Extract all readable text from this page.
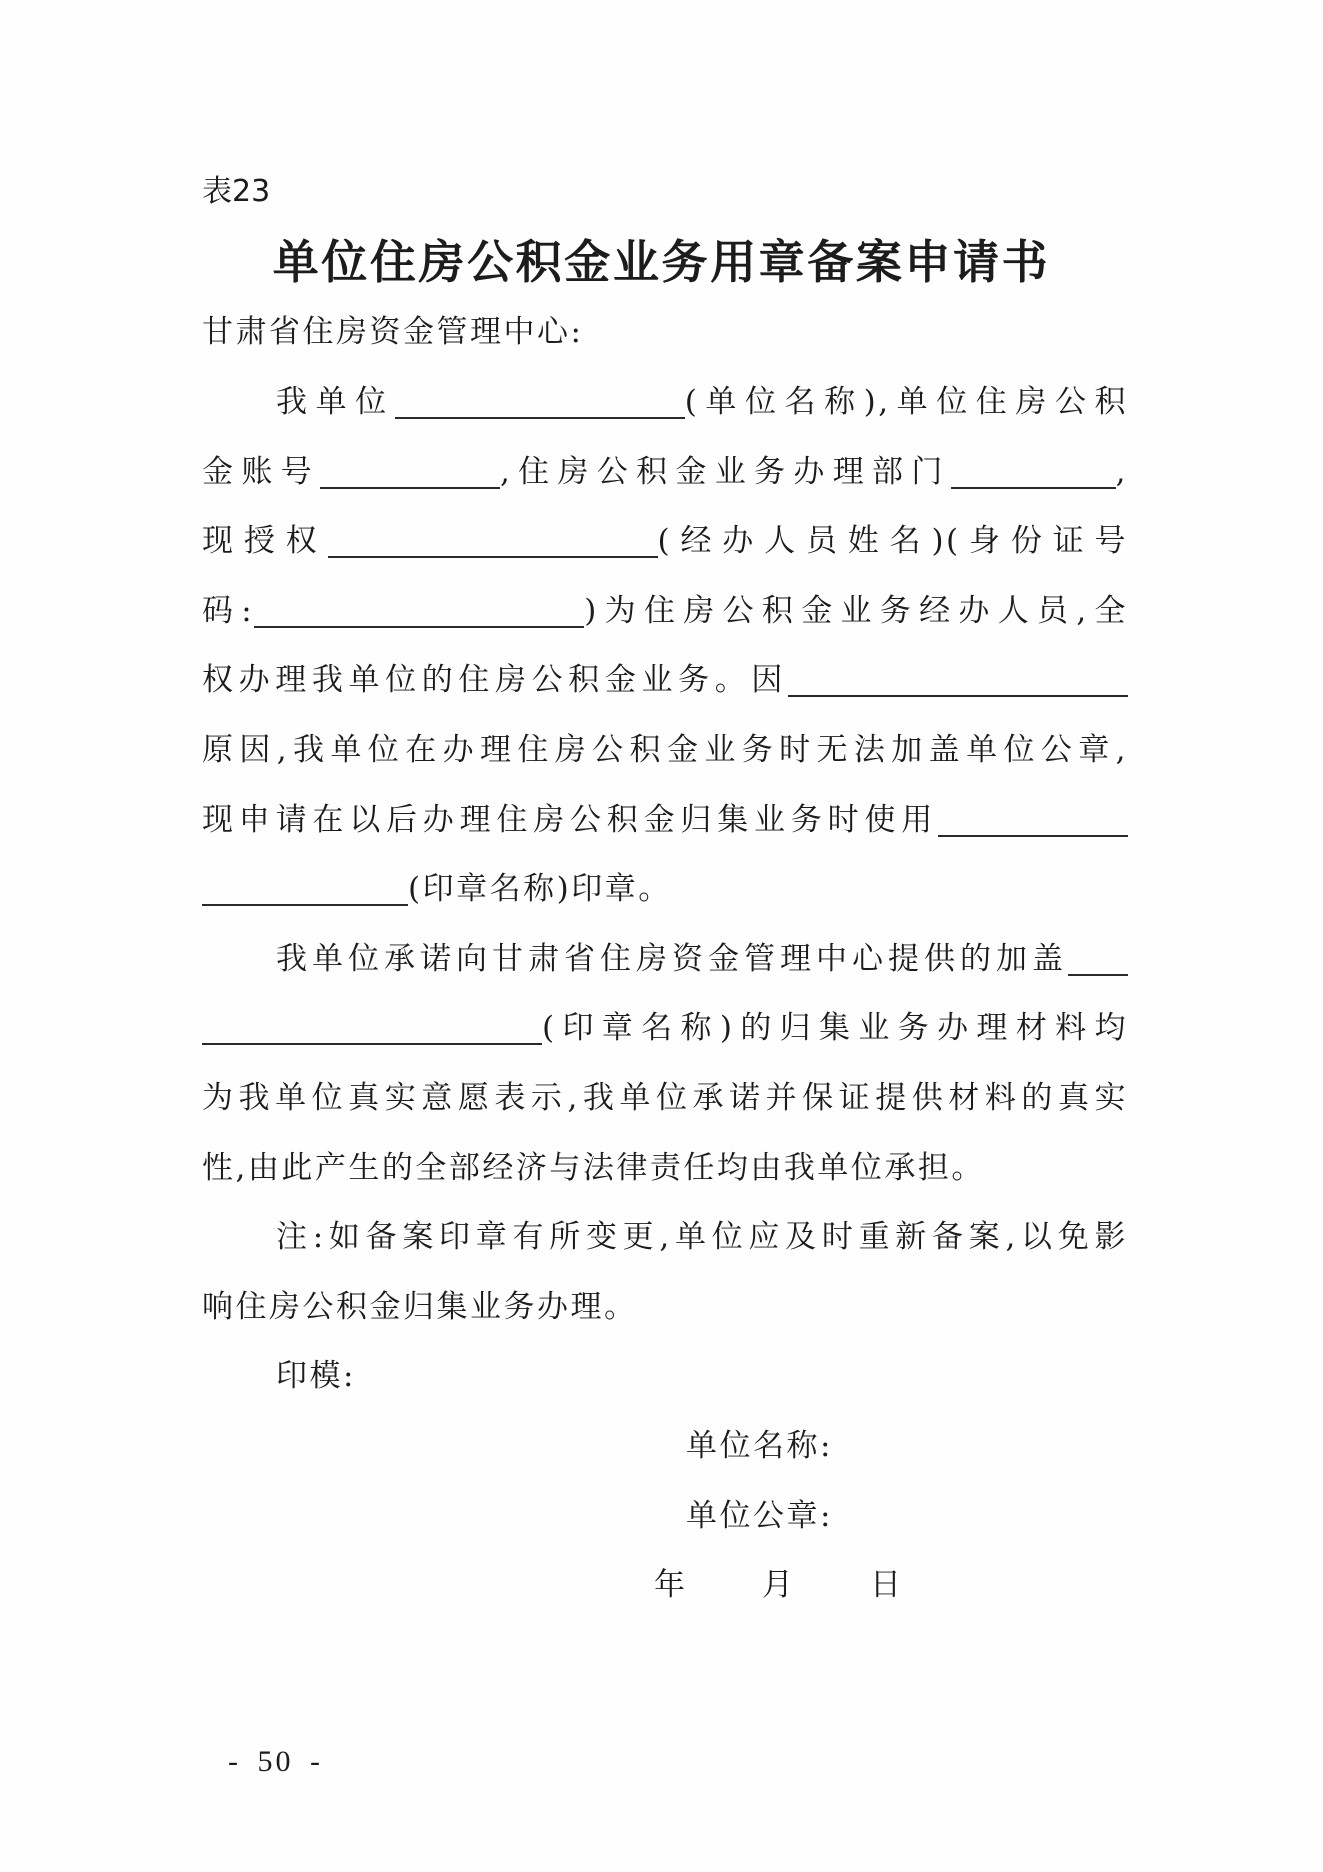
表23
单位住房公积金业务用章备案申请书
甘肃省住房资金管理中心:
我单位	(单位名称),单位住房公积
金账号	,住房公积金业务办理部门	,
现授权	(经办人员姓名)(身份证号
码:	)为住房公积金业务经办人员,全
权办理我单位的住房公积金业务。因
原因,我单位在办理住房公积金业务时无法加盖单位公章,
现申请在以后办理住房公积金归集业务时使用
(印章名称)印章。
我单位承诺向甘肃省住房资金管理中心提供的加盖
(印章名称)的归集业务办理材料均
为我单位真实意愿表示,我单位承诺并保证提供材料的真实
性,由此产生的全部经济与法律责任均由我单位承担。
注:如备案印章有所变更,单位应及时重新备案,以免影
响住房公积金归集业务办理。
印模:
单位名称:
单位公章:
年 月 日
- 50 -
